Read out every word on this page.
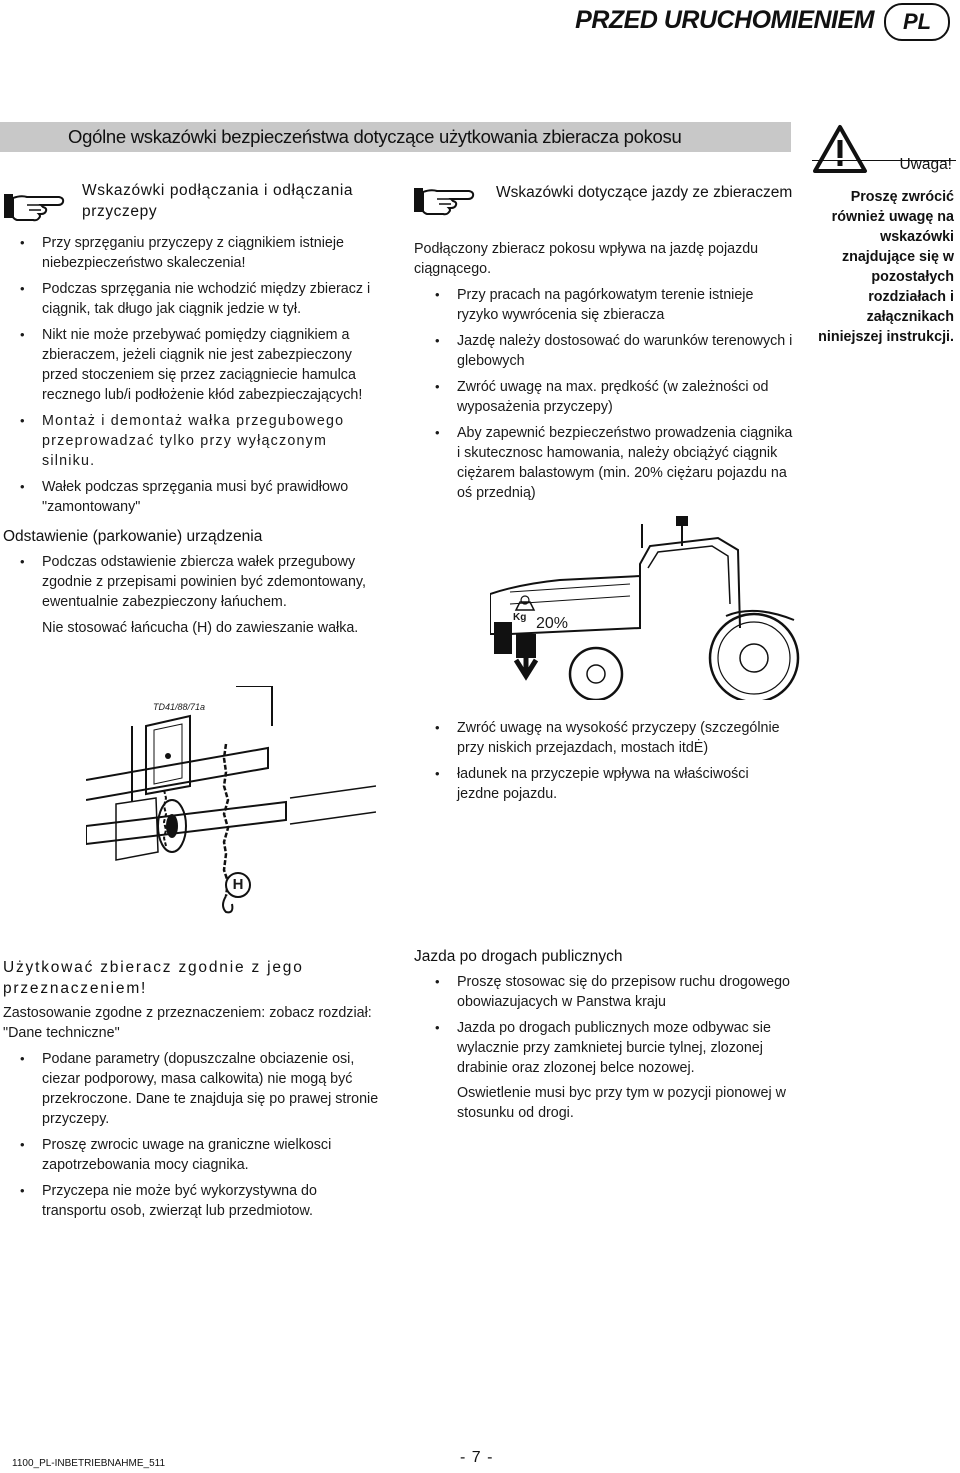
PRZED URUCHOMIENIEM	PL
Ogólne wskazówki bezpieczeństwa dotyczące użytkowania zbieracza pokosu
Uwaga!
Proszę zwrócić również uwagę na wskazówki znajdujące się w pozostałych rozdziałach i załącznikach niniejszej instrukcji.
Wskazówki podłączania i odłączania przyczepy
• Przy sprzęganiu przyczepy z ciągnikiem istnieje niebezpieczeństwo skaleczenia!
• Podczas sprzęgania nie wchodzić między zbieracz i ciągnik, tak długo jak ciągnik jedzie w tył.
• Nikt nie może przebywać pomiędzy ciągnikiem a zbieraczem, jeżeli ciągnik nie jest zabezpieczony przed stoczeniem się przez zaciągniecie hamulca recznego lub/i podłożenie kłód zabezpieczających!
• Montaż i demontaż wałka przegubowego przeprowadzać tylko przy wyłączonym silniku.
• Wałek podczas sprzęgania musi być prawidłowo "zamontowany"
Wskazówki dotyczące jazdy ze zbieraczem

Podłączony zbieracz pokosu wpływa na jazdę pojazdu ciągnącego.

• Przy pracach na pagórkowatym terenie istnieje ryzyko wywrócenia się zbieracza
• Jazdę należy dostosować do warunków terenowych i glebowych
• Zwróć uwagę na max. prędkość (w zależności od wyposażenia przyczepy)
• Aby zapewnić bezpieczeństwo prowadzenia ciągnika i skutecznosc hamowania, należy obciążyć ciągnik ciężarem balastowym (min. 20% ciężaru pojazdu na oś przednią)
Odstawienie (parkowanie) urządzenia
• Podczas odstawienie zbiercza wałek przegubowy zgodnie z przepisami powinien być zdemontowany, ewentualnie zabezpieczony łańuchem.

Nie stosować łańcucha (H) do zawieszanie wałka.

Kg 20%
TD41/88/71a
H
• Zwróć uwagę na wysokość przyczepy (szczególnie przy niskich przejazdach, mostach itdĖ)
• ładunek na przyczepie wpływa na właściwości jezdne pojazdu.
Użytkować zbieracz zgodnie z jego przeznaczeniem!

Zastosowanie zgodne z przeznaczeniem: zobacz rozdział: "Dane techniczne"

• Podane parametry (dopuszczalne obciazenie osi, ciezar podporowy, masa calkowita) nie mogą być przekroczone. Dane te znajduja się po prawej stronie przyczepy.
• Proszę zwrocic uwage na graniczne wielkosci zapotrzebowania mocy ciagnika.
• Przyczepa nie może być wykorzystywna do transportu osob, zwierząt lub przedmiotow.
Jazda po drogach publicznych
• Proszę stosowac się do przepisow ruchu drogowego obowiazujacych w Panstwa kraju
• Jazda po drogach publicznych moze odbywac sie wylacznie przy zamknietej burcie tylnej, zlozonej drabinie oraz zlozonej belce nozowej.

Oswietlenie musi byc przy tym w pozycji pionowej w stosunku od drogi.

1100_PL-INBETRIEBNAHME_511	- 7 -
